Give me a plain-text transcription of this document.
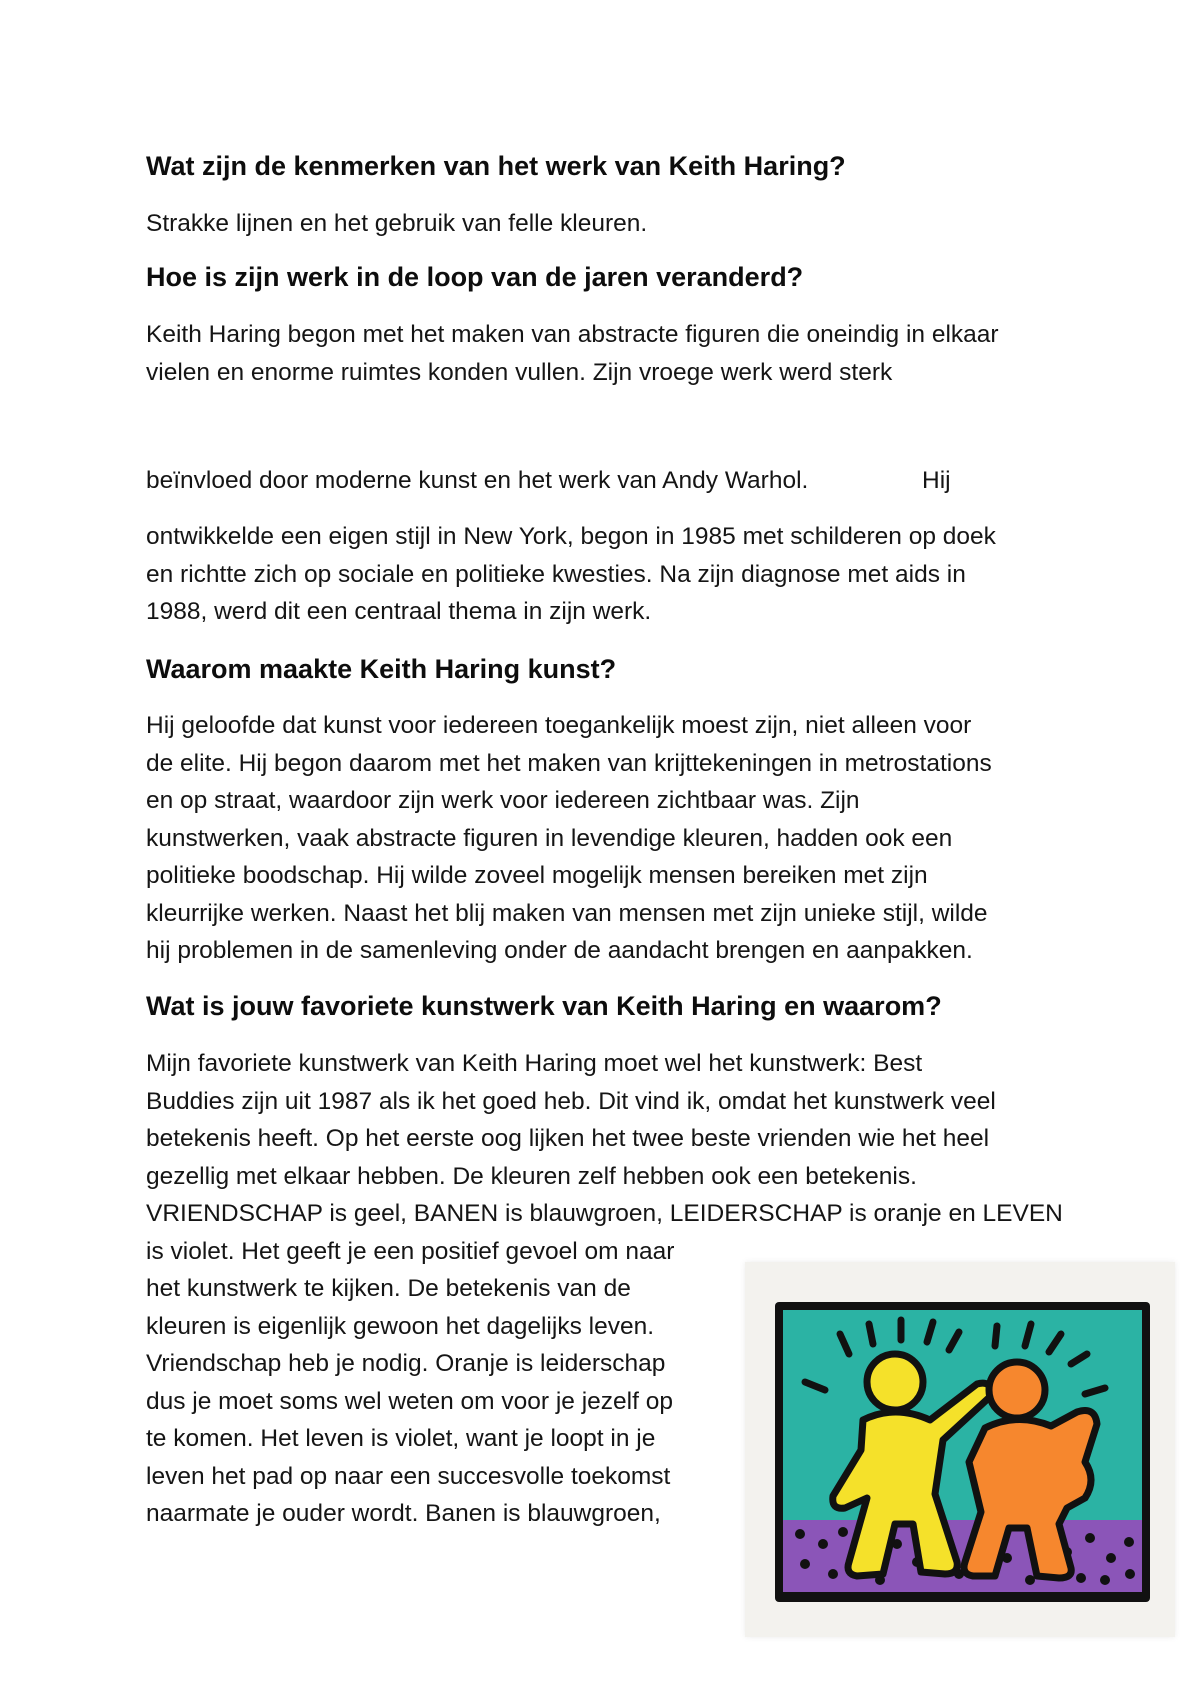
Wat zijn de kenmerken van het werk van Keith Haring?
Strakke lijnen en het gebruik van felle kleuren.
Hoe is zijn werk in de loop van de jaren veranderd?
Keith Haring begon met het maken van abstracte figuren die oneindig in elkaar
vielen en enorme ruimtes konden vullen. Zijn vroege werk werd sterk
beïnvloed door moderne kunst en het werk van Andy Warhol.	Hij
ontwikkelde een eigen stijl in New York, begon in 1985 met schilderen op doek
en richtte zich op sociale en politieke kwesties. Na zijn diagnose met aids in
1988, werd dit een centraal thema in zijn werk.
Waarom maakte Keith Haring kunst?
Hij geloofde dat kunst voor iedereen toegankelijk moest zijn, niet alleen voor
de elite. Hij begon daarom met het maken van krijttekeningen in metrostations
en op straat, waardoor zijn werk voor iedereen zichtbaar was. Zijn
kunstwerken, vaak abstracte figuren in levendige kleuren, hadden ook een
politieke boodschap. Hij wilde zoveel mogelijk mensen bereiken met zijn
kleurrijke werken. Naast het blij maken van mensen met zijn unieke stijl, wilde
hij problemen in de samenleving onder de aandacht brengen en aanpakken.
Wat is jouw favoriete kunstwerk van Keith Haring en waarom?
Mijn favoriete kunstwerk van Keith Haring moet wel het kunstwerk: Best
Buddies zijn uit 1987 als ik het goed heb. Dit vind ik, omdat het kunstwerk veel
betekenis heeft. Op het eerste oog lijken het twee beste vrienden wie het heel
gezellig met elkaar hebben. De kleuren zelf hebben ook een betekenis.
VRIENDSCHAP is geel, BANEN is blauwgroen, LEIDERSCHAP is oranje en LEVEN
is violet. Het geeft je een positief gevoel om naar
het kunstwerk te kijken. De betekenis van de
kleuren is eigenlijk gewoon het dagelijks leven.
Vriendschap heb je nodig. Oranje is leiderschap
dus je moet soms wel weten om voor je jezelf op
te komen. Het leven is violet, want je loopt in je
leven het pad op naar een succesvolle toekomst
naarmate je ouder wordt. Banen is blauwgroen,
